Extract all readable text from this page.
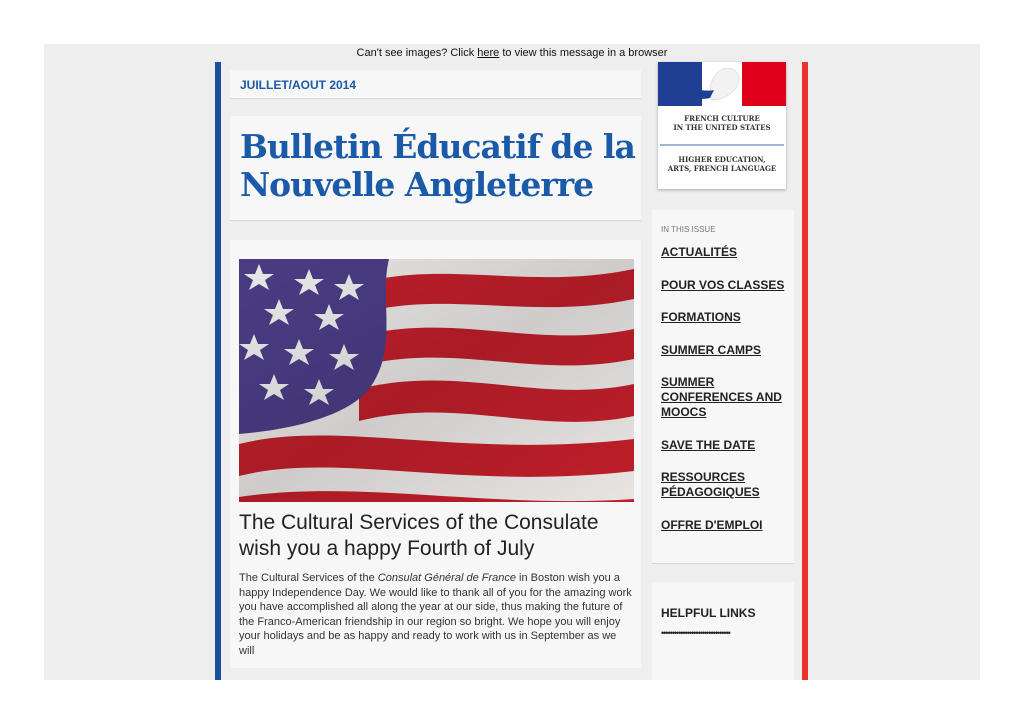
Can't see images? Click here to view this message in a browser
JUILLET/AOUT 2014
Bulletin Éducatif de la Nouvelle Angleterre
The Cultural Services of the Consulate wish you a happy Fourth of July

The Cultural Services of the Consulat Général de France in Boston wish you a happy Independence Day. We would like to thank all of you for the amazing work you have accomplished all along the year at our side, thus making the future of the Franco-American friendship in our region so bright. We hope you will enjoy your holidays and be as happy and ready to work with us in September as we will

FRENCH CULTURE
IN THE UNITED STATES
HIGHER EDUCATION,
ARTS, FRENCH LANGUAGE
IN THIS ISSUE
ACTUALITÉS
POUR VOS CLASSES
FORMATIONS
SUMMER CAMPS
SUMMER CONFERENCES AND MOOCS
SAVE THE DATE
RESSOURCES PÉDAGOGIQUES
OFFRE D'EMPLOI
HELPFUL LINKS
••••••••••••••••••••••••••••••••
